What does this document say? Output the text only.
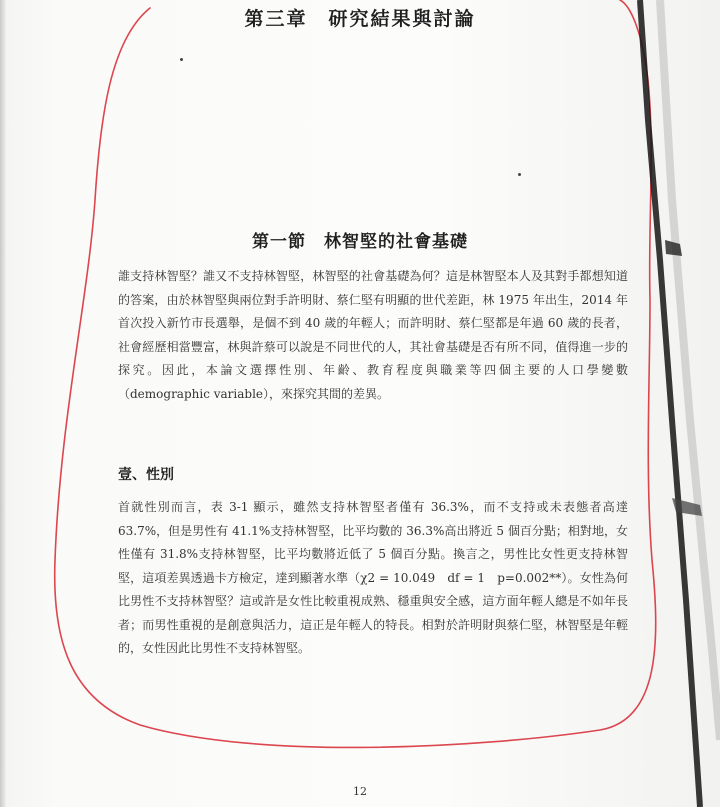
第三章　研究結果與討論
第一節　林智堅的社會基礎

誰支持林智堅？誰又不支持林智堅，林智堅的社會基礎為何？這是林智堅本人及其對手都想知道的答案，由於林智堅與兩位對手許明財、蔡仁堅有明顯的世代差距，林 1975 年出生，2014 年首次投入新竹市長選舉，是個不到 40 歲的年輕人；而許明財、蔡仁堅都是年過 60 歲的長者，社會經歷相當豐富，林與許蔡可以說是不同世代的人，其社會基礎是否有所不同，值得進一步的探究。因此，本論文選擇性別、年齡、教育程度與職業等四個主要的人口學變數（demographic variable），來探究其間的差異。

壹、性別

首就性別而言，表 3-1 顯示，雖然支持林智堅者僅有 36.3%，而不支持或未表態者高達 63.7%，但是男性有 41.1%支持林智堅，比平均數的 36.3%高出將近 5 個百分點；相對地，女性僅有 31.8%支持林智堅，比平均數將近低了 5 個百分點。換言之，男性比女性更支持林智堅，這項差異透過卡方檢定，達到顯著水準（χ2 = 10.049　df = 1　p=0.002**）。女性為何比男性不支持林智堅？這或許是女性比較重視成熟、穩重與安全感，這方面年輕人總是不如年長者；而男性重視的是創意與活力，這正是年輕人的特長。相對於許明財與蔡仁堅，林智堅是年輕的，女性因此比男性不支持林智堅。

12
